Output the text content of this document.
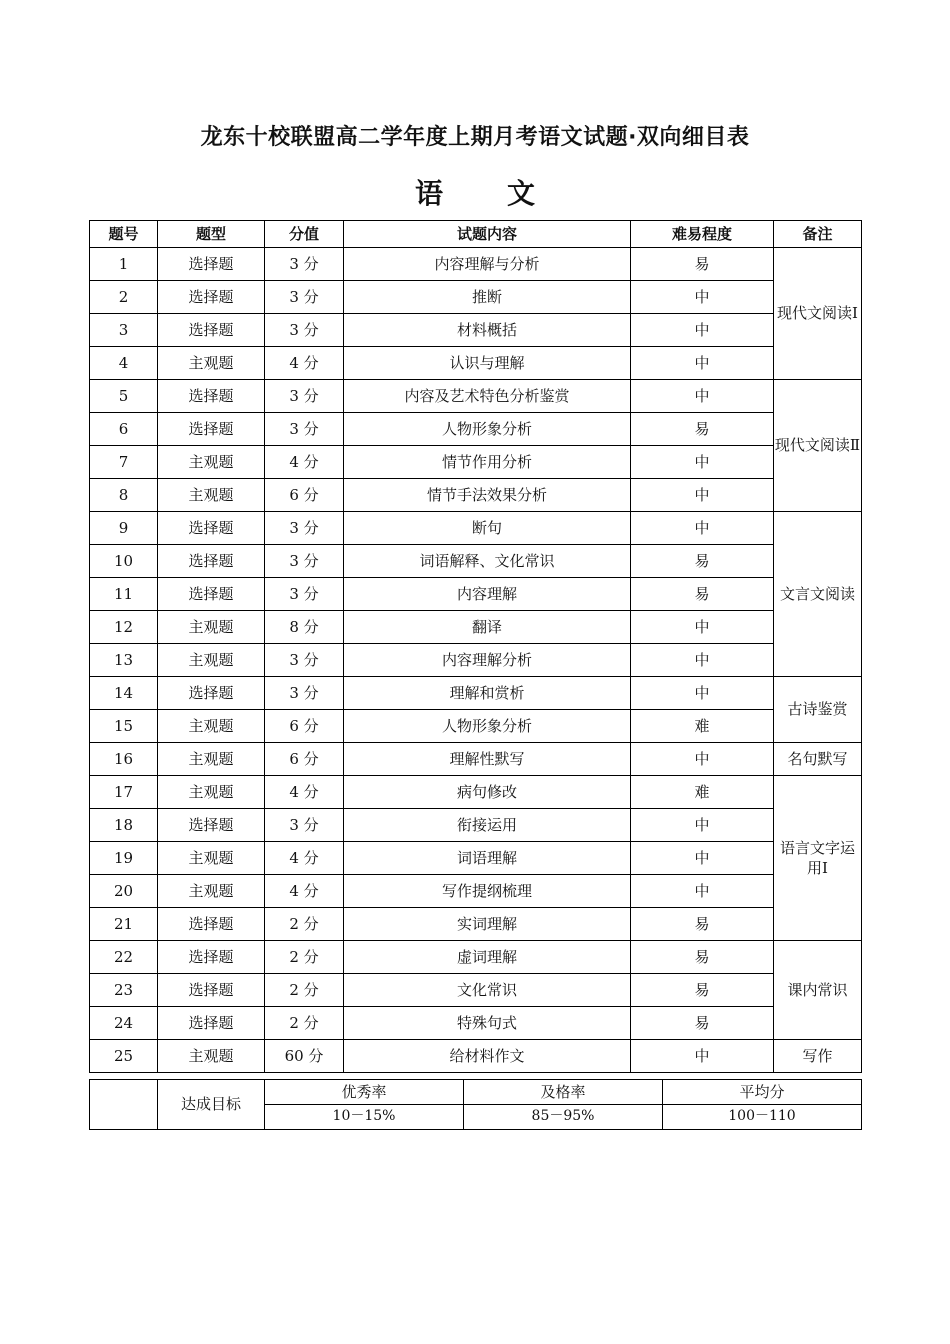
龙东十校联盟高二学年度上期月考语文试题·双向细目表
语　文
题号	题型	分值	试题内容	难易程度	备注
1	选择题	3 分	内容理解与分析	易	现代文阅读Ⅰ
2	选择题	3 分	推断	中	
3	选择题	3 分	材料概括	中	
4	主观题	4 分	认识与理解	中	
5	选择题	3 分	内容及艺术特色分析鉴赏	中	现代文阅读Ⅱ
6	选择题	3 分	人物形象分析	易	
7	主观题	4 分	情节作用分析	中	
8	主观题	6 分	情节手法效果分析	中	
9	选择题	3 分	断句	中	文言文阅读
10	选择题	3 分	词语解释、文化常识	易	
11	选择题	3 分	内容理解	易	
12	主观题	8 分	翻译	中	
13	主观题	3 分	内容理解分析	中	
14	选择题	3 分	理解和赏析	中	古诗鉴赏
15	主观题	6 分	人物形象分析	难	
16	主观题	6 分	理解性默写	中	名句默写
17	主观题	4 分	病句修改	难	语言文字运用Ⅰ
18	选择题	3 分	衔接运用	中	
19	主观题	4 分	词语理解	中	
20	主观题	4 分	写作提纲梳理	中	
21	选择题	2 分	实词理解	易	
22	选择题	2 分	虚词理解	易	课内常识
23	选择题	2 分	文化常识	易	
24	选择题	2 分	特殊句式	易	
25	主观题	60 分	给材料作文	中	写作
	达成目标	优秀率	及格率	平均分
		10－15%	85－95%	100－110
